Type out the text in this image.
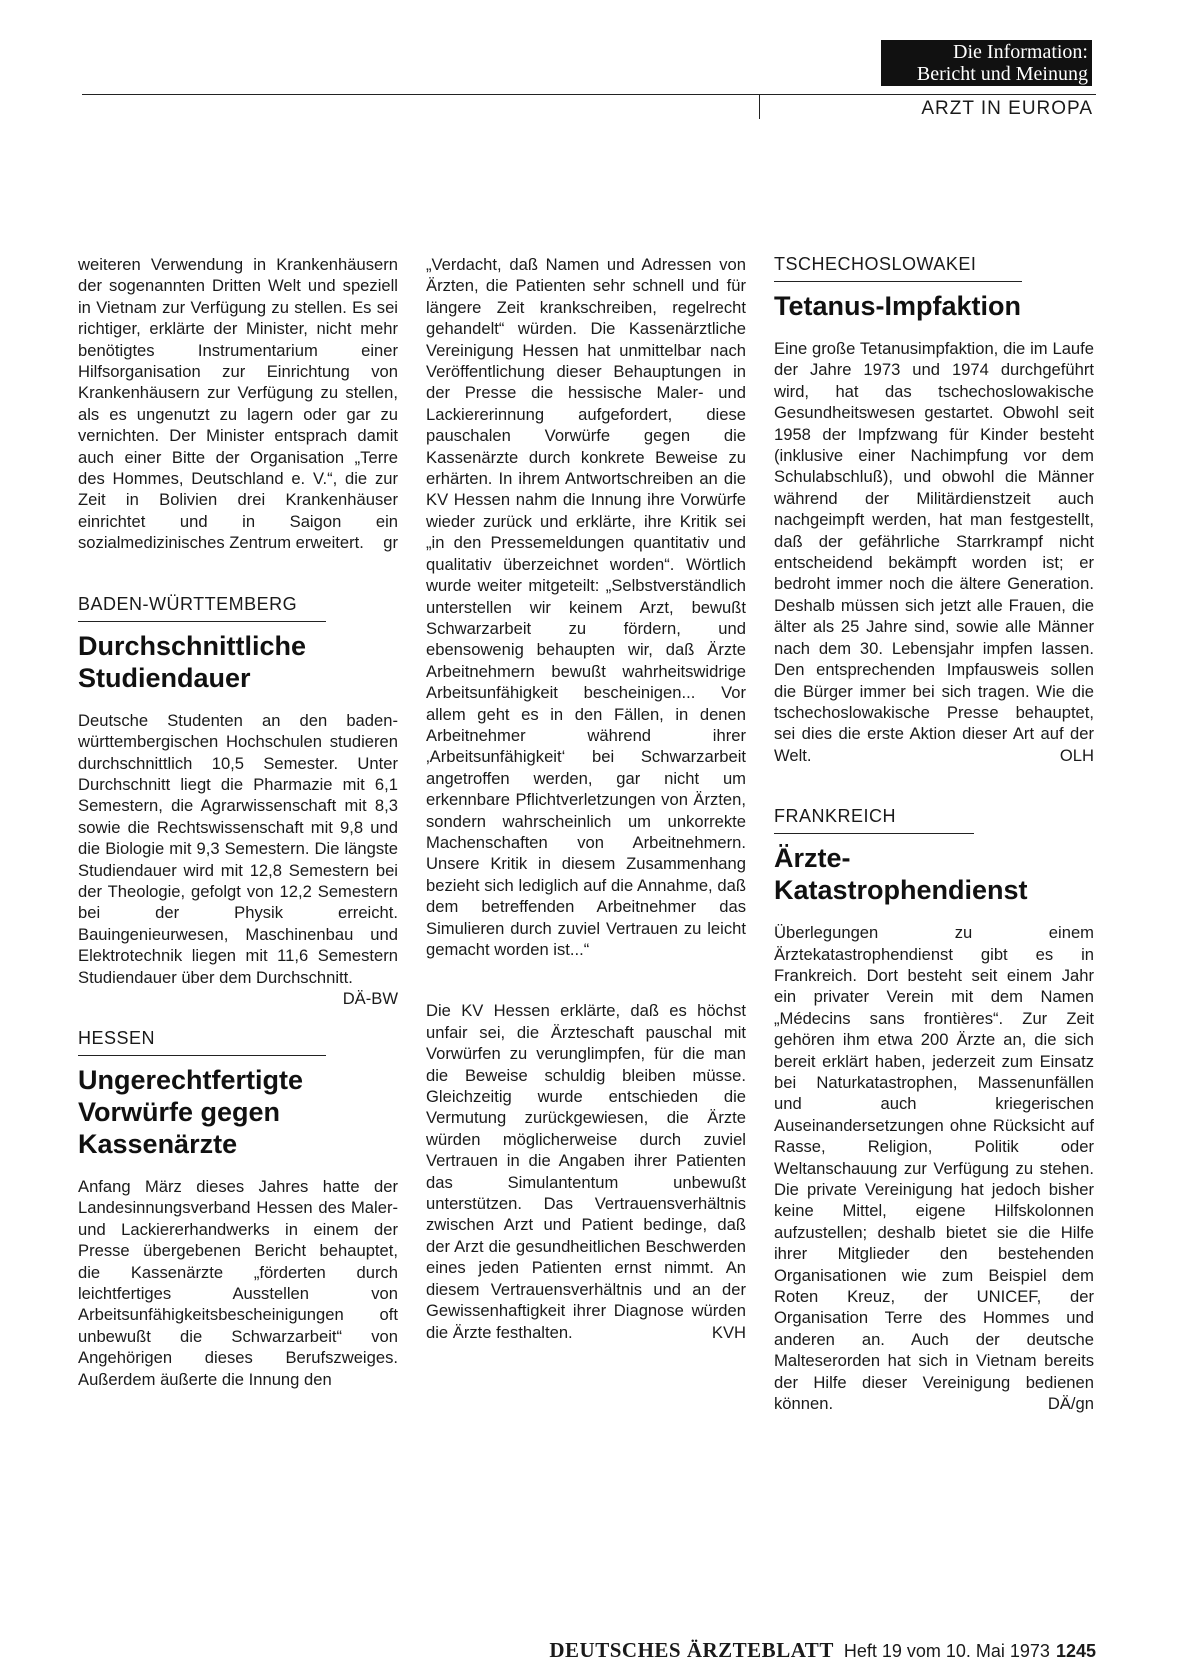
Die Information:
Bericht und Meinung
ARZT IN EUROPA

weiteren Verwendung in Krankenhäusern der sogenannten Dritten Welt und speziell in Vietnam zur Verfügung zu stellen. Es sei richtiger, erklärte der Minister, nicht mehr benötigtes Instrumentarium einer Hilfsorganisation zur Einrichtung von Krankenhäusern zur Verfügung zu stellen, als es ungenutzt zu lagern oder gar zu vernichten. Der Minister entsprach damit auch einer Bitte der Organisation „Terre des Hommes, Deutschland e. V.“, die zur Zeit in Bolivien drei Krankenhäuser einrichtet und in Saigon ein sozialmedizinisches Zentrum erweitert.	gr

BADEN-WÜRTTEMBERG
Durchschnittliche Studiendauer

Deutsche Studenten an den baden-württembergischen Hochschulen studieren durchschnittlich 10,5 Semester. Unter Durchschnitt liegt die Pharmazie mit 6,1 Semestern, die Agrarwissenschaft mit 8,3 sowie die Rechtswissenschaft mit 9,8 und die Biologie mit 9,3 Semestern. Die längste Studiendauer wird mit 12,8 Semestern bei der Theologie, gefolgt von 12,2 Semestern bei der Physik erreicht. Bauingenieurwesen, Maschinenbau und Elektrotechnik liegen mit 11,6 Semestern Studiendauer über dem Durchschnitt.
DÄ-BW

HESSEN
Ungerechtfertigte Vorwürfe gegen Kassenärzte

Anfang März dieses Jahres hatte der Landesinnungsverband Hessen des Maler- und Lackiererhandwerks in einem der Presse übergebenen Bericht behauptet, die Kassenärzte „förderten durch leichtfertiges Ausstellen von Arbeitsunfähigkeitsbescheinigungen oft unbewußt die Schwarzarbeit“ von Angehörigen dieses Berufszweiges. Außerdem äußerte die Innung den

„Verdacht, daß Namen und Adressen von Ärzten, die Patienten sehr schnell und für längere Zeit krankschreiben, regelrecht gehandelt“ würden. Die Kassenärztliche Vereinigung Hessen hat unmittelbar nach Veröffentlichung dieser Behauptungen in der Presse die hessische Maler- und Lackiererinnung aufgefordert, diese pauschalen Vorwürfe gegen die Kassenärzte durch konkrete Beweise zu erhärten. In ihrem Antwortschreiben an die KV Hessen nahm die Innung ihre Vorwürfe wieder zurück und erklärte, ihre Kritik sei „in den Pressemeldungen quantitativ und qualitativ überzeichnet worden“. Wörtlich wurde weiter mitgeteilt: „Selbstverständlich unterstellen wir keinem Arzt, bewußt Schwarzarbeit zu fördern, und ebensowenig behaupten wir, daß Ärzte Arbeitnehmern bewußt wahrheitswidrige Arbeitsunfähigkeit bescheinigen... Vor allem geht es in den Fällen, in denen Arbeitnehmer während ihrer ‚Arbeitsunfähigkeit‘ bei Schwarzarbeit angetroffen werden, gar nicht um erkennbare Pflichtverletzungen von Ärzten, sondern wahrscheinlich um unkorrekte Machenschaften von Arbeitnehmern. Unsere Kritik in diesem Zusammenhang bezieht sich lediglich auf die Annahme, daß dem betreffenden Arbeitnehmer das Simulieren durch zuviel Vertrauen zu leicht gemacht worden ist...“

Die KV Hessen erklärte, daß es höchst unfair sei, die Ärzteschaft pauschal mit Vorwürfen zu verunglimpfen, für die man die Beweise schuldig bleiben müsse. Gleichzeitig wurde entschieden die Vermutung zurückgewiesen, die Ärzte würden möglicherweise durch zuviel Vertrauen in die Angaben ihrer Patienten das Simulantentum unbewußt unterstützen. Das Vertrauensverhältnis zwischen Arzt und Patient bedinge, daß der Arzt die gesundheitlichen Beschwerden eines jeden Patienten ernst nimmt. An diesem Vertrauensverhältnis und an der Gewissenhaftigkeit ihrer Diagnose würden die Ärzte festhalten.	KVH

TSCHECHOSLOWAKEI
Tetanus-Impfaktion

Eine große Tetanusimpfaktion, die im Laufe der Jahre 1973 und 1974 durchgeführt wird, hat das tschechoslowakische Gesundheitswesen gestartet. Obwohl seit 1958 der Impfzwang für Kinder besteht (inklusive einer Nachimpfung vor dem Schulabschluß), und obwohl die Männer während der Militärdienstzeit auch nachgeimpft werden, hat man festgestellt, daß der gefährliche Starrkrampf nicht entscheidend bekämpft worden ist; er bedroht immer noch die ältere Generation. Deshalb müssen sich jetzt alle Frauen, die älter als 25 Jahre sind, sowie alle Männer nach dem 30. Lebensjahr impfen lassen. Den entsprechenden Impfausweis sollen die Bürger immer bei sich tragen. Wie die tschechoslowakische Presse behauptet, sei dies die erste Aktion dieser Art auf der Welt.	OLH

FRANKREICH
Ärzte-Katastrophendienst

Überlegungen zu einem Ärztekatastrophendienst gibt es in Frankreich. Dort besteht seit einem Jahr ein privater Verein mit dem Namen „Médecins sans frontières“. Zur Zeit gehören ihm etwa 200 Ärzte an, die sich bereit erklärt haben, jederzeit zum Einsatz bei Naturkatastrophen, Massenunfällen und auch kriegerischen Auseinandersetzungen ohne Rücksicht auf Rasse, Religion, Politik oder Weltanschauung zur Verfügung zu stehen. Die private Vereinigung hat jedoch bisher keine Mittel, eigene Hilfskolonnen aufzustellen; deshalb bietet sie die Hilfe ihrer Mitglieder den bestehenden Organisationen wie zum Beispiel dem Roten Kreuz, der UNICEF, der Organisation Terre des Hommes und anderen an. Auch der deutsche Malteserorden hat sich in Vietnam bereits der Hilfe dieser Vereinigung bedienen können.	DÄ/gn

DEUTSCHES ÄRZTEBLATT Heft 19 vom 10. Mai 1973 1245
